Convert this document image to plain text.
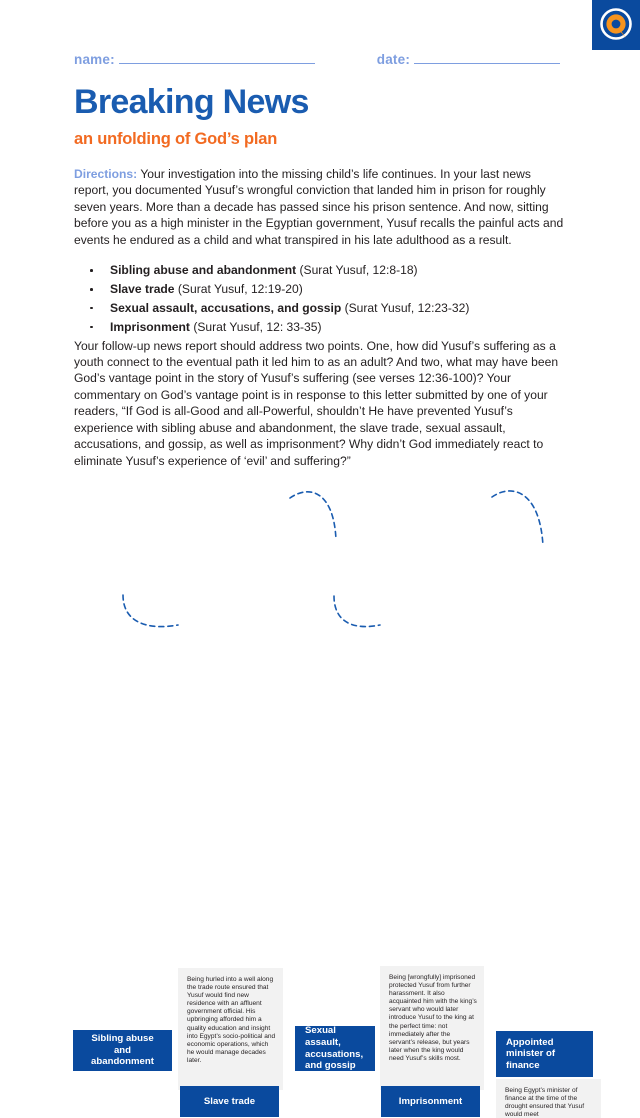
name:	date:
Breaking News
an unfolding of God’s plan

Directions: Your investigation into the missing child’s life continues. In your last news report, you documented Yusuf’s wrongful conviction that landed him in prison for roughly seven years. More than a decade has passed since his prison sentence. And now, sitting before you as a high minister in the Egyptian government, Yusuf recalls the painful acts and events he endured as a child and what transpired in his late adulthood as a result.

Sibling abuse and abandonment (Surat Yusuf, 12:8-18)
Slave trade (Surat Yusuf, 12:19-20)
Sexual assault, accusations, and gossip (Surat Yusuf, 12:23-32)
Imprisonment (Surat Yusuf, 12: 33-35)

Your follow-up news report should address two points. One, how did Yusuf’s suffering as a youth connect to the eventual path it led him to as an adult? And two, what may have been God’s vantage point in the story of Yusuf’s suffering (see verses 12:36-100)? Your commentary on God’s vantage point is in response to this letter submitted by one of your readers, “If God is all-Good and all-Powerful, shouldn’t He have prevented Yusuf’s experience with sibling abuse and abandonment, the slave trade, sexual assault, accusations, and gossip, as well as imprisonment? Why didn’t God immediately react to eliminate Yusuf’s experience of ‘evil’ and suffering?”

Being hurled into a well along the trade route ensured that Yusuf would find new residence with an affluent government official. His upbringing afforded him a quality education and insight into Egypt’s socio-political and economic operations, which he would manage decades later.

Being [wrongfully] imprisoned protected Yusuf from further harassment. It also acquainted him with the king’s servant who would later introduce Yusuf to the king at the perfect time: not immediately after the servant’s release, but years later when the king would need Yusuf’s skills most.

Being Egypt’s minister of finance at the time of the drought ensured that Yusuf would meet

Sibling abuse and abandonment
Slave trade
Sexual assault, accusations, and gossip
Imprisonment
Appointed minister of finance
